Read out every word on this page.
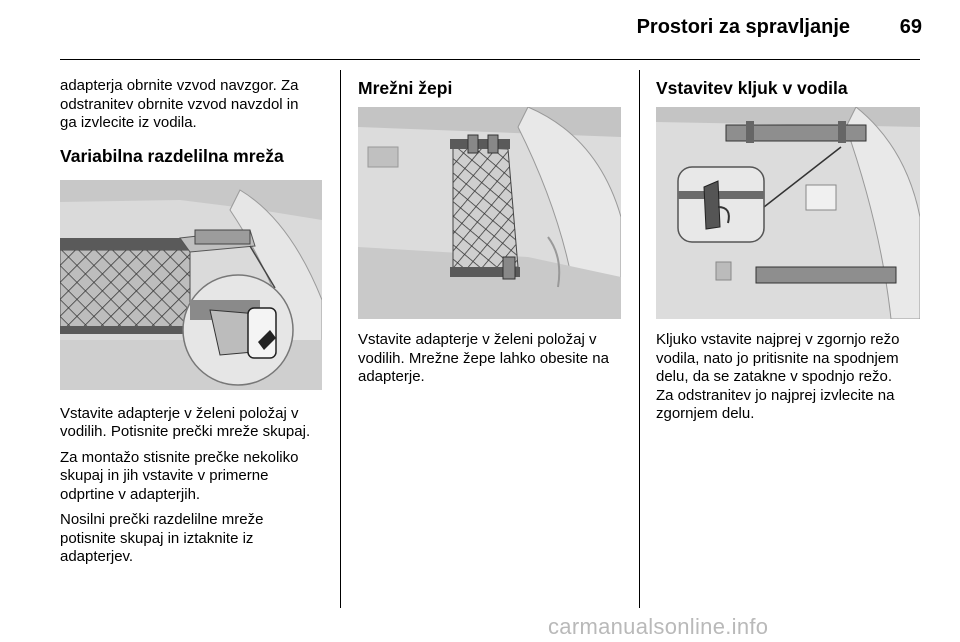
Prostori za spravljanje 69

adapterja obrnite vzvod navzgor. Za
odstranitev obrnite vzvod navzdol in
ga izvlecite iz vodila.

Variabilna razdelilna mreža

Vstavite adapterje v želeni položaj v
vodilih. Potisnite prečki mreže skupaj.

Za montažo stisnite prečke nekoliko
skupaj in jih vstavite v primerne
odprtine v adapterjih.

Nosilni prečki razdelilne mreže
potisnite skupaj in iztaknite iz
adapterjev.

Mrežni žepi

Vstavite adapterje v želeni položaj v
vodilih. Mrežne žepe lahko obesite na
adapterje.

Vstavitev kljuk v vodila

Kljuko vstavite najprej v zgornjo režo
vodila, nato jo pritisnite na spodnjem
delu, da se zatakne v spodnjo režo.
Za odstranitev jo najprej izvlecite na
zgornjem delu.

carmanualsonline.info
